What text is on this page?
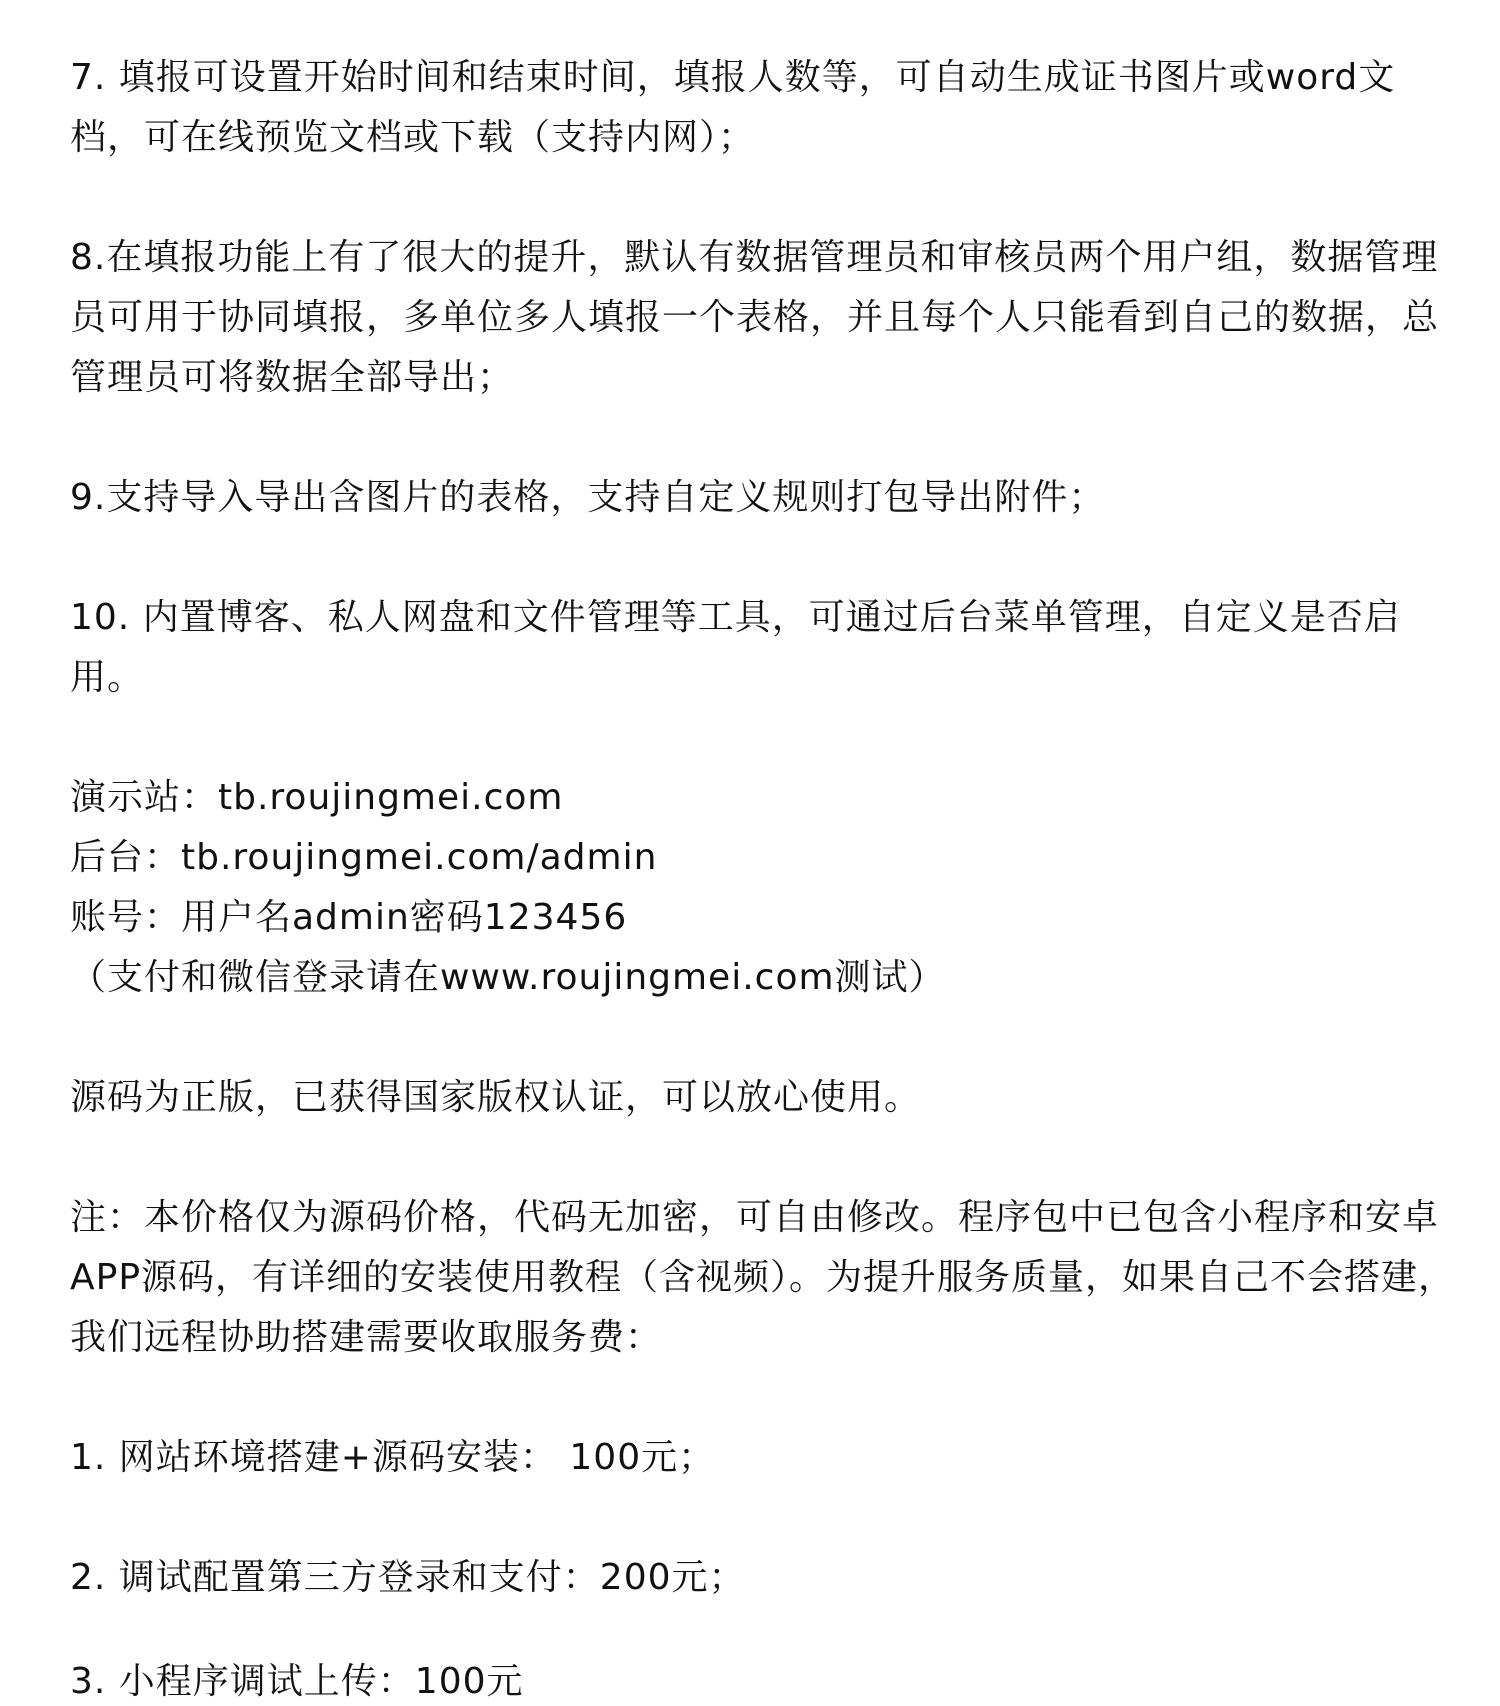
7. 填报可设置开始时间和结束时间，填报人数等，可自动生成证书图片或word文档，可在线预览文档或下载（支持内网）；

8.在填报功能上有了很大的提升，默认有数据管理员和审核员两个用户组，数据管理员可用于协同填报，多单位多人填报一个表格，并且每个人只能看到自己的数据，总管理员可将数据全部导出；

9.支持导入导出含图片的表格，支持自定义规则打包导出附件；

10. 内置博客、私人网盘和文件管理等工具，可通过后台菜单管理，自定义是否启用。

演示站：tb.roujingmei.com
后台：tb.roujingmei.com/admin
账号：用户名admin密码123456
（支付和微信登录请在www.roujingmei.com测试）

源码为正版，已获得国家版权认证，可以放心使用。

注：本价格仅为源码价格，代码无加密，可自由修改。程序包中已包含小程序和安卓APP源码，有详细的安装使用教程（含视频）。为提升服务质量，如果自己不会搭建，我们远程协助搭建需要收取服务费：

1. 网站环境搭建+源码安装： 100元；

2. 调试配置第三方登录和支付：200元；

3. 小程序调试上传：100元
